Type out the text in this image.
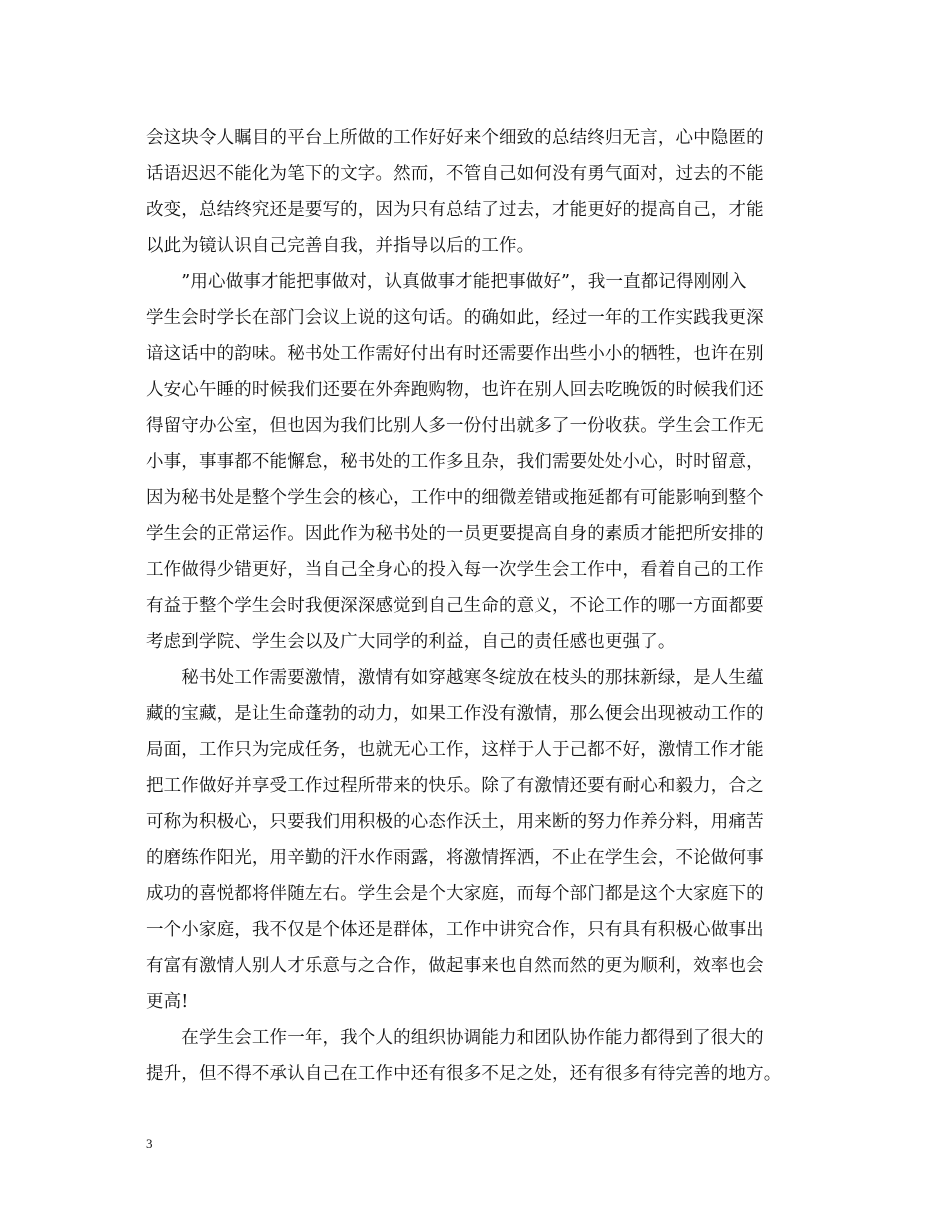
会这块令人瞩目的平台上所做的工作好好来个细致的总结终归无言，心中隐匿的
话语迟迟不能化为笔下的文字。然而，不管自己如何没有勇气面对，过去的不能
改变，总结终究还是要写的，因为只有总结了过去，才能更好的提高自己，才能
以此为镜认识自己完善自我，并指导以后的工作。
　　”用心做事才能把事做对，认真做事才能把事做好”，我一直都记得刚刚入
学生会时学长在部门会议上说的这句话。的确如此，经过一年的工作实践我更深
谙这话中的韵味。秘书处工作需好付出有时还需要作出些小小的牺牲，也许在别
人安心午睡的时候我们还要在外奔跑购物，也许在别人回去吃晚饭的时候我们还
得留守办公室，但也因为我们比别人多一份付出就多了一份收获。学生会工作无
小事，事事都不能懈怠，秘书处的工作多且杂，我们需要处处小心，时时留意，
因为秘书处是整个学生会的核心，工作中的细微差错或拖延都有可能影响到整个
学生会的正常运作。因此作为秘书处的一员更要提高自身的素质才能把所安排的
工作做得少错更好，当自己全身心的投入每一次学生会工作中，看着自己的工作
有益于整个学生会时我便深深感觉到自己生命的意义，不论工作的哪一方面都要
考虑到学院、学生会以及广大同学的利益，自己的责任感也更强了。
　　秘书处工作需要激情，激情有如穿越寒冬绽放在枝头的那抹新绿，是人生蕴
藏的宝藏，是让生命蓬勃的动力，如果工作没有激情，那么便会出现被动工作的
局面，工作只为完成任务，也就无心工作，这样于人于己都不好，激情工作才能
把工作做好并享受工作过程所带来的快乐。除了有激情还要有耐心和毅力，合之
可称为积极心，只要我们用积极的心态作沃土，用来断的努力作养分料，用痛苦
的磨练作阳光，用辛勤的汗水作雨露，将激情挥洒，不止在学生会，不论做何事
成功的喜悦都将伴随左右。学生会是个大家庭，而每个部门都是这个大家庭下的
一个小家庭，我不仅是个体还是群体，工作中讲究合作，只有具有积极心做事出
有富有激情人别人才乐意与之合作，做起事来也自然而然的更为顺利，效率也会
更高!
　　在学生会工作一年，我个人的组织协调能力和团队协作能力都得到了很大的
提升，但不得不承认自己在工作中还有很多不足之处，还有很多有待完善的地方。
3
